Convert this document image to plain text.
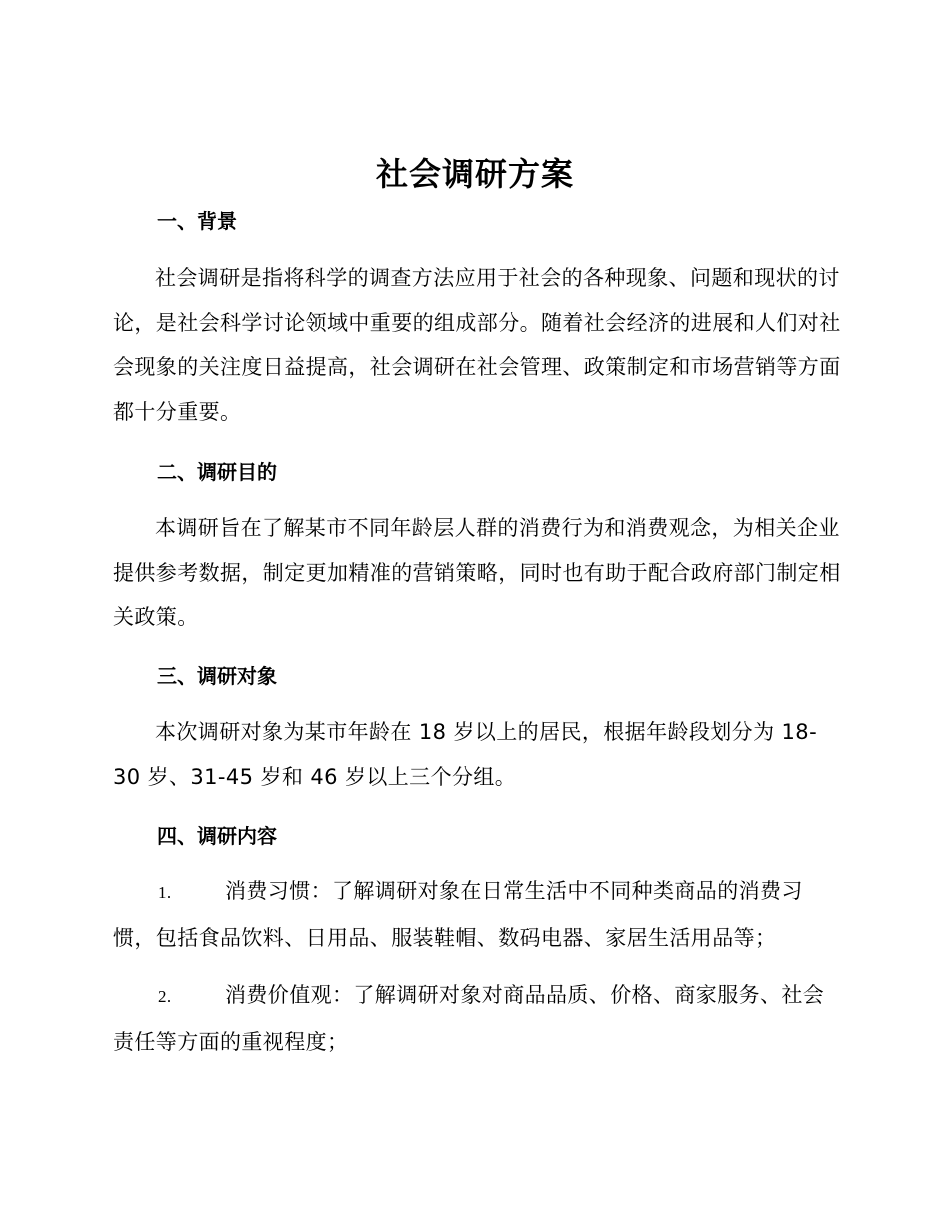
社会调研方案
一、背景
社会调研是指将科学的调查方法应用于社会的各种现象、问题和现状的讨论，是社会科学讨论领域中重要的组成部分。随着社会经济的进展和人们对社会现象的关注度日益提高，社会调研在社会管理、政策制定和市场营销等方面都十分重要。
二、调研目的
本调研旨在了解某市不同年龄层人群的消费行为和消费观念，为相关企业提供参考数据，制定更加精准的营销策略，同时也有助于配合政府部门制定相关政策。
三、调研对象
本次调研对象为某市年龄在 18 岁以上的居民，根据年龄段划分为 18-30 岁、31-45 岁和 46 岁以上三个分组。
四、调研内容
1.	消费习惯：了解调研对象在日常生活中不同种类商品的消费习惯，包括食品饮料、日用品、服装鞋帽、数码电器、家居生活用品等；
2.	消费价值观：了解调研对象对商品品质、价格、商家服务、社会责任等方面的重视程度；
